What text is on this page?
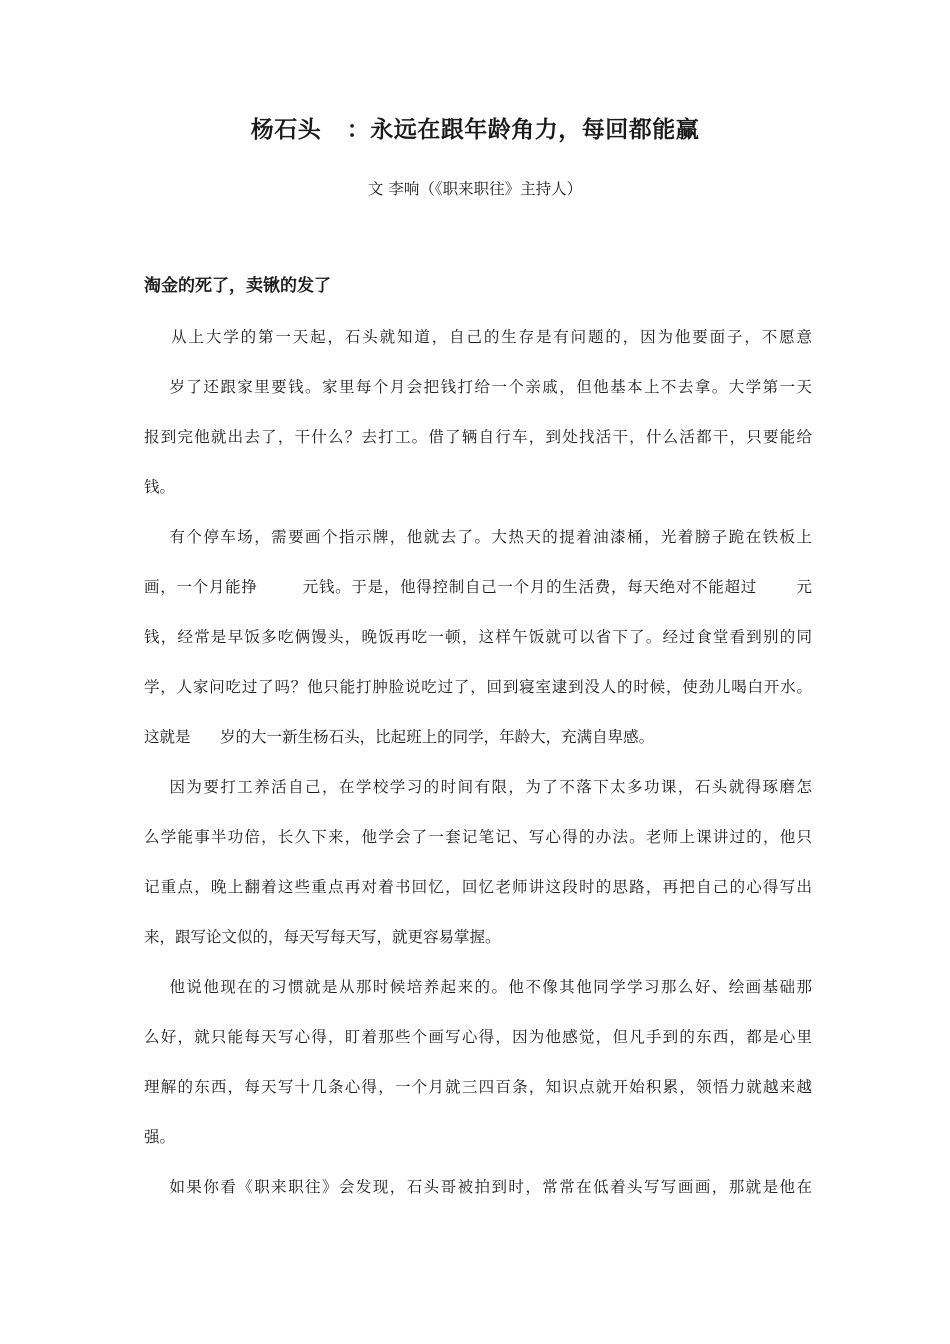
杨石头   ：永远在跟年龄角力，每回都能赢
文 李响（《职来职往》主持人）
淘金的死了，卖锹的发了
从上大学的第一天起，石头就知道，自己的生存是有问题的，因为他要面子，不愿意
岁了还跟家里要钱。家里每个月会把钱打给一个亲戚，但他基本上不去拿。大学第一天
报到完他就出去了，干什么？去打工。借了辆自行车，到处找活干，什么活都干，只要能给
钱。
有个停车场，需要画个指示牌，他就去了。大热天的提着油漆桶，光着膀子跪在铁板上
画，一个月能挣        元钱。于是，他得控制自己一个月的生活费，每天绝对不能超过       元
钱，经常是早饭多吃俩馒头，晚饭再吃一顿，这样午饭就可以省下了。经过食堂看到别的同
学，人家问吃过了吗？他只能打肿脸说吃过了，回到寝室逮到没人的时候，使劲儿喝白开水。
这就是      岁的大一新生杨石头，比起班上的同学，年龄大，充满自卑感。
因为要打工养活自己，在学校学习的时间有限，为了不落下太多功课，石头就得琢磨怎
么学能事半功倍，长久下来，他学会了一套记笔记、写心得的办法。老师上课讲过的，他只
记重点，晚上翻着这些重点再对着书回忆，回忆老师讲这段时的思路，再把自己的心得写出
来，跟写论文似的，每天写每天写，就更容易掌握。
他说他现在的习惯就是从那时候培养起来的。他不像其他同学学习那么好、绘画基础那
么好，就只能每天写心得，盯着那些个画写心得，因为他感觉，但凡手到的东西，都是心里
理解的东西，每天写十几条心得，一个月就三四百条，知识点就开始积累，领悟力就越来越
强。
如果你看《职来职往》会发现，石头哥被拍到时，常常在低着头写写画画，那就是他在
